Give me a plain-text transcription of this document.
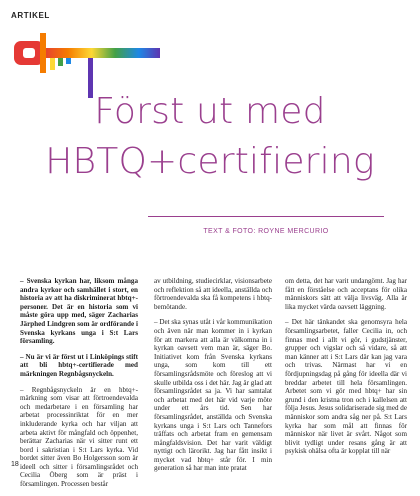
ARTIKEL
Först ut med
HBTQ+certifiering
TEXT & FOTO: ROYNE MERCURIO

– Svenska kyrkan har, liksom många andra kyrkor och samhället i stort, en historia av att ha diskriminerat hbtq+-personer. Det är en historia som vi måste göra upp med, säger Zacharias Järphed Lindgren som är ordförande i Svenska kyrkans unga i S:t Lars församling.

– Nu är vi är först ut i Linköpings stift att bli hbtq+-certifierade med märkningen Regnbågsnyckeln.

– Regnbågsnyckeln är en hbtq+-märkning som visar att förtroendevalda och medarbetare i en församling har arbetat processinriktat för en mer inkluderande kyrka och har viljan att arbeta aktivt för mångfald och öppenhet, berättar Zacharias när vi sitter runt ett bord i sakristian i S:t Lars kyrka. Vid bordet sitter även Bo Holgersson som är ideell och sitter i församlingsrådet och Cecilia Öberg som är präst i församlingen. Processen består

av utbildning, studiecirklar, visionsarbete och reflektion så att ideella, anställda och förtroendevalda ska få kompetens i hbtq-bemötande.

– Det ska synas utåt i vår kommunikation och även när man kommer in i kyrkan för att markera att alla är välkomna in i kyrkan oavsett vem man är, säger Bo. Initiativet kom från Svenska kyrkans unga, som kom till ett församlingsrådsmöte och föreslog att vi skulle utbilda oss i det här. Jag är glad att församlingsrådet sa ja. Vi har samtalat och arbetat med det här vid varje möte under ett års tid. Sen har församlingsrådet, anställda och Svenska kyrkans unga i S:t Lars och Tannefors träffats och arbetat fram en gemensam mångfaldsvision. Det har varit väldigt nyttigt och lärorikt. Jag har fått insikt i mycket vad hbtq+ står för. I min generation så har man inte pratat

om detta, det har varit undangömt. Jag har fått en förståelse och acceptans för olika människors sätt att välja livsväg. Alla är lika mycket värda oavsett läggning.

– Det här tänkandet ska genomsyra hela församlingsarbetet, faller Cecilia in, och finnas med i allt vi gör, i gudstjänster, grupper och vigslar och så vidare, så att man känner att i S:t Lars där kan jag vara och trivas. Närmast har vi en fördjupningsdag på gång för ideella där vi breddar arbetet till hela församlingen. Arbetet som vi gör med hbtq+ har sin grund i den kristna tron och i kallelsen att följa Jesus. Jesus solidariserade sig med de människor som andra såg ner på. S:t Lars kyrka har som mål att finnas för människor när livet är svårt. Något som blivit tydligt under resans gång är att psykisk ohälsa ofta är kopplat till när

18
